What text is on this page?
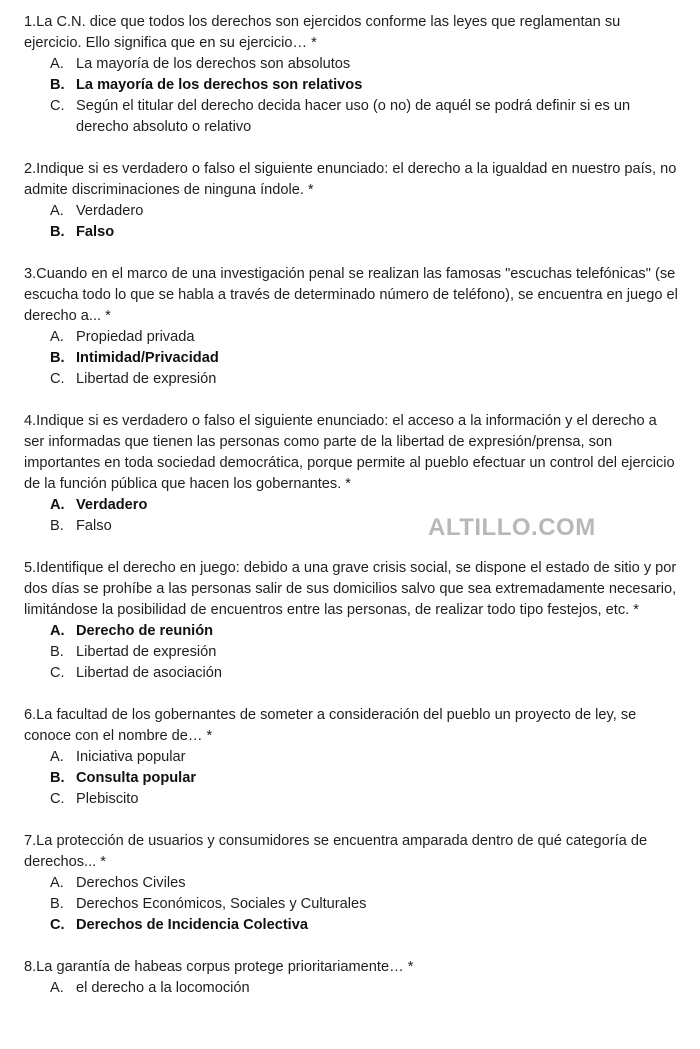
1.La C.N. dice que todos los derechos son ejercidos conforme las leyes que reglamentan su ejercicio. Ello significa que en su ejercicio… *

A. La mayoría de los derechos son absolutos
B. La mayoría de los derechos son relativos
C. Según el titular del derecho decida hacer uso (o no) de aquél se podrá definir si es un derecho absoluto o relativo

2.Indique si es verdadero o falso el siguiente enunciado: el derecho a la igualdad en nuestro país, no admite discriminaciones de ninguna índole. *

A. Verdadero
B. Falso

3.Cuando en el marco de una investigación penal se realizan las famosas "escuchas telefónicas" (se escucha todo lo que se habla a través de determinado número de teléfono), se encuentra en juego el derecho a... *

A. Propiedad privada
B. Intimidad/Privacidad
C. Libertad de expresión

4.Indique si es verdadero o falso el siguiente enunciado: el acceso a la información y el derecho a ser informadas que tienen las personas como parte de la libertad de expresión/prensa, son importantes en toda sociedad democrática, porque permite al pueblo efectuar un control del ejercicio de la función pública que hacen los gobernantes. *

A. Verdadero
B. Falso

5.Identifique el derecho en juego: debido a una grave crisis social, se dispone el estado de sitio y por dos días se prohíbe a las personas salir de sus domicilios salvo que sea extremadamente necesario, limitándose la posibilidad de encuentros entre las personas, de realizar todo tipo festejos, etc. *

A. Derecho de reunión
B. Libertad de expresión
C. Libertad de asociación

6.La facultad de los gobernantes de someter a consideración del pueblo un proyecto de ley, se conoce con el nombre de… *

A. Iniciativa popular
B. Consulta popular
C. Plebiscito

7.La protección de usuarios y consumidores se encuentra amparada dentro de qué categoría de derechos... *

A. Derechos Civiles
B. Derechos Económicos, Sociales y Culturales
C. Derechos de Incidencia Colectiva

8.La garantía de habeas corpus protege prioritariamente… *

A. el derecho a la locomoción
ALTILLO.COM
